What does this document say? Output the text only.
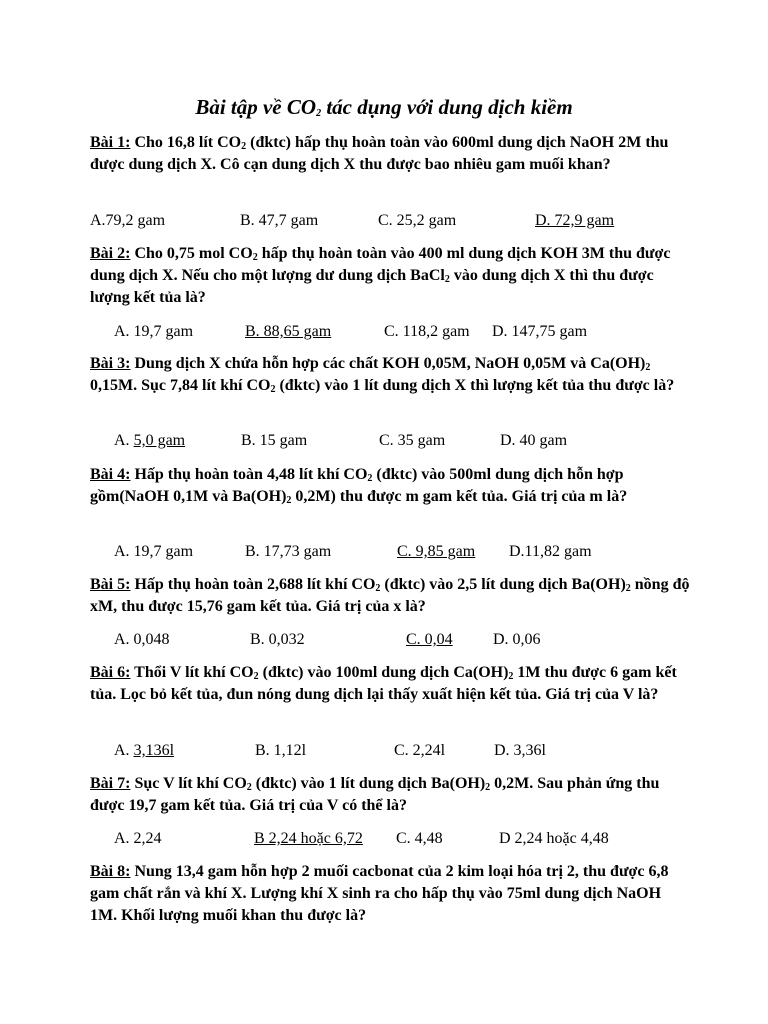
Bài tập về $CO_2$ tác dụng với dung dịch kiềm
Bài 1: Cho 16,8 lít $CO_2$ (đktc) hấp thụ hoàn toàn vào 600ml dung dịch NaOH 2M thu được dung dịch X. Cô cạn dung dịch X thu được bao nhiêu gam muối khan?
A.79,2 gam	B. 47,7 gam	C. 25,2 gam	D. 72,9 gam
Bài 2: Cho 0,75 mol $CO_2$ hấp thụ hoàn toàn vào 400 ml dung dịch KOH 3M thu được dung dịch X. Nếu cho một lượng dư dung dịch BaCl$_2$ vào dung dịch X thì thu được lượng kết tủa là?
A. 19,7 gam	B. 88,65 gam	C. 118,2 gam D. 147,75 gam
Bài 3: Dung dịch X chứa hỗn hợp các chất KOH 0,05M, NaOH 0,05M và $Ca(OH)_2$ 0,15M. Sục 7,84 lít khí $CO_2$ (đktc) vào 1 lít dung dịch X thì lượng kết tủa thu được là?
A. 5,0 gam	B. 15 gam	C. 35 gam	D. 40 gam
Bài 4: Hấp thụ hoàn toàn 4,48 lít khí $CO_2$ (đktc) vào 500ml dung dịch hỗn hợp gồm(NaOH 0,1M và $Ba(OH)_2$ 0,2M) thu được m gam kết tủa. Giá trị của m là?
A. 19,7 gam	B. 17,73 gam	C. 9,85 gam D.11,82 gam
Bài 5: Hấp thụ hoàn toàn 2,688 lít khí $CO_2$ (đktc) vào 2,5 lít dung dịch $Ba(OH)_2$ nồng độ xM, thu được 15,76 gam kết tủa. Giá trị của x là?
A. 0,048	B. 0,032	C. 0,04	D. 0,06
Bài 6: Thổi V lít khí $CO_2$ (đktc) vào 100ml dung dịch $Ca(OH)_2$ 1M thu được 6 gam kết tủa. Lọc bỏ kết tủa, đun nóng dung dịch lại thấy xuất hiện kết tủa. Giá trị của V là?
A. 3,136l	B. 1,12l	C. 2,24l	D. 3,36l
Bài 7: Sục V lít khí $CO_2$ (đktc) vào 1 lít dung dịch $Ba(OH)_2$ 0,2M. Sau phản ứng thu được 19,7 gam kết tủa. Giá trị của V có thể là?
A. 2,24	B 2,24 hoặc 6,72	C. 4,48	D 2,24 hoặc 4,48
Bài 8: Nung 13,4 gam hỗn hợp 2 muối cacbonat của 2 kim loại hóa trị 2, thu được 6,8 gam chất rắn và khí X. Lượng khí X sinh ra cho hấp thụ vào 75ml dung dịch NaOH 1M. Khối lượng muối khan thu được là?
